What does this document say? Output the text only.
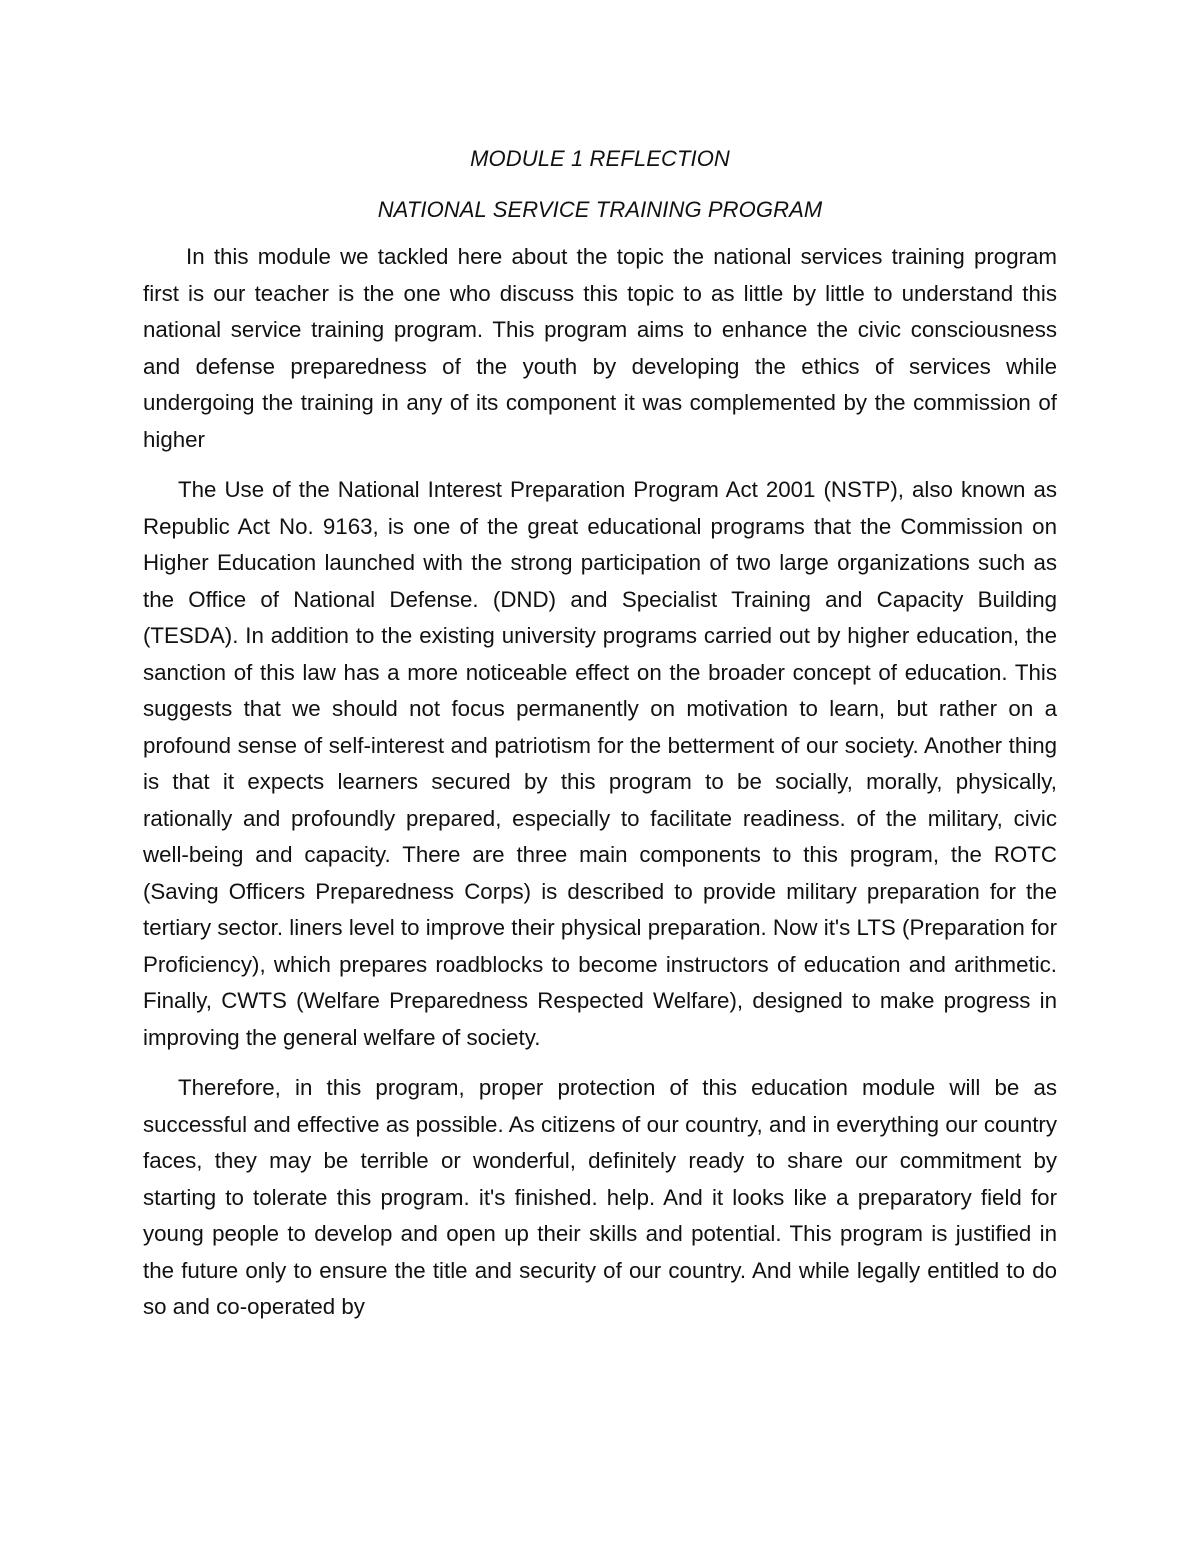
MODULE 1 REFLECTION

NATIONAL SERVICE TRAINING PROGRAM

In this module we tackled here about the topic the national services training program first is our teacher is the one who discuss this topic to as little by little to understand this national service training program. This program aims to enhance the civic consciousness and defense preparedness of the youth by developing the ethics of services while undergoing the training in any of its component it was complemented by the commission of higher

The Use of the National Interest Preparation Program Act 2001 (NSTP), also known as Republic Act No. 9163, is one of the great educational programs that the Commission on Higher Education launched with the strong participation of two large organizations such as the Office of National Defense. (DND) and Specialist Training and Capacity Building (TESDA). In addition to the existing university programs carried out by higher education, the sanction of this law has a more noticeable effect on the broader concept of education. This suggests that we should not focus permanently on motivation to learn, but rather on a profound sense of self-interest and patriotism for the betterment of our society. Another thing is that it expects learners secured by this program to be socially, morally, physically, rationally and profoundly prepared, especially to facilitate readiness. of the military, civic well-being and capacity. There are three main components to this program, the ROTC (Saving Officers Preparedness Corps) is described to provide military preparation for the tertiary sector. liners level to improve their physical preparation. Now it's LTS (Preparation for Proficiency), which prepares roadblocks to become instructors of education and arithmetic. Finally, CWTS (Welfare Preparedness Respected Welfare), designed to make progress in improving the general welfare of society.

Therefore, in this program, proper protection of this education module will be as successful and effective as possible. As citizens of our country, and in everything our country faces, they may be terrible or wonderful, definitely ready to share our commitment by starting to tolerate this program. it's finished. help. And it looks like a preparatory field for young people to develop and open up their skills and potential. This program is justified in the future only to ensure the title and security of our country. And while legally entitled to do so and co-operated by
